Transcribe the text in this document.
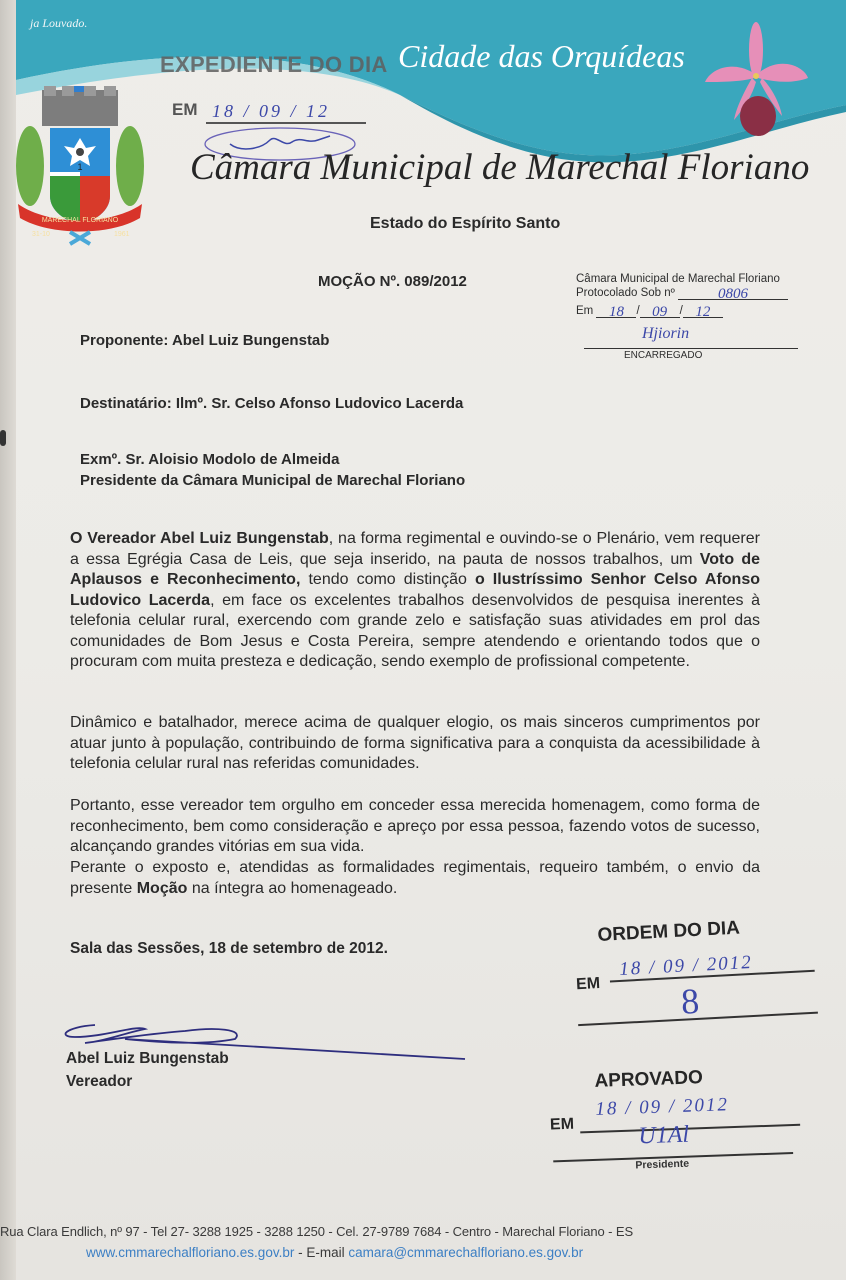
ja Louvado.
Cidade das Orquídeas
1
MARECHAL FLORIANO
31-10	1961
EXPEDIENTE DO DIA
EM 18 / 09 / 12
Câmara Municipal de Marechal Floriano
Estado do Espírito Santo
MOÇÃO Nº. 089/2012	Câmara Municipal de Marechal Floriano
Protocolado Sob nº	0806
Em 18 / 09 / 12
Hjiorin
ENCARREGADO
Proponente: Abel Luiz Bungenstab
Destinatário: Ilmº. Sr. Celso Afonso Ludovico Lacerda
Exmº. Sr. Aloisio Modolo de Almeida
Presidente da Câmara Municipal de Marechal Floriano
O Vereador Abel Luiz Bungenstab, na forma regimental e ouvindo-se o Plenário, vem requerer a essa Egrégia Casa de Leis, que seja inserido, na pauta de nossos trabalhos, um Voto de Aplausos e Reconhecimento, tendo como distinção o Ilustríssimo Senhor Celso Afonso Ludovico Lacerda, em face os excelentes trabalhos desenvolvidos de pesquisa inerentes à telefonia celular rural, exercendo com grande zelo e satisfação suas atividades em prol das comunidades de Bom Jesus e Costa Pereira, sempre atendendo e orientando todos que o procuram com muita presteza e dedicação, sendo exemplo de profissional competente.
Dinâmico e batalhador, merece acima de qualquer elogio, os mais sinceros cumprimentos por atuar junto à população, contribuindo de forma significativa para a conquista da acessibilidade à telefonia celular rural nas referidas comunidades.
Portanto, esse vereador tem orgulho em conceder essa merecida homenagem, como forma de reconhecimento, bem como consideração e apreço por essa pessoa, fazendo votos de sucesso, alcançando grandes vitórias em sua vida.
Perante o exposto e, atendidas as formalidades regimentais, requeiro também, o envio da presente Moção na íntegra ao homenageado.
Sala das Sessões, 18 de setembro de 2012.
Abel Luiz Bungenstab
Vereador
ORDEM DO DIA
EM
18 / 09 / 2012
8
APROVADO
EM
18 / 09 / 2012
U1Al
Presidente
Rua Clara Endlich, nº 97 - Tel 27- 3288 1925 - 3288 1250 - Cel. 27-9789 7684 - Centro - Marechal Floriano - ES
www.cmmarechalfloriano.es.gov.br - E-mail camara@cmmarechalfloriano.es.gov.br
